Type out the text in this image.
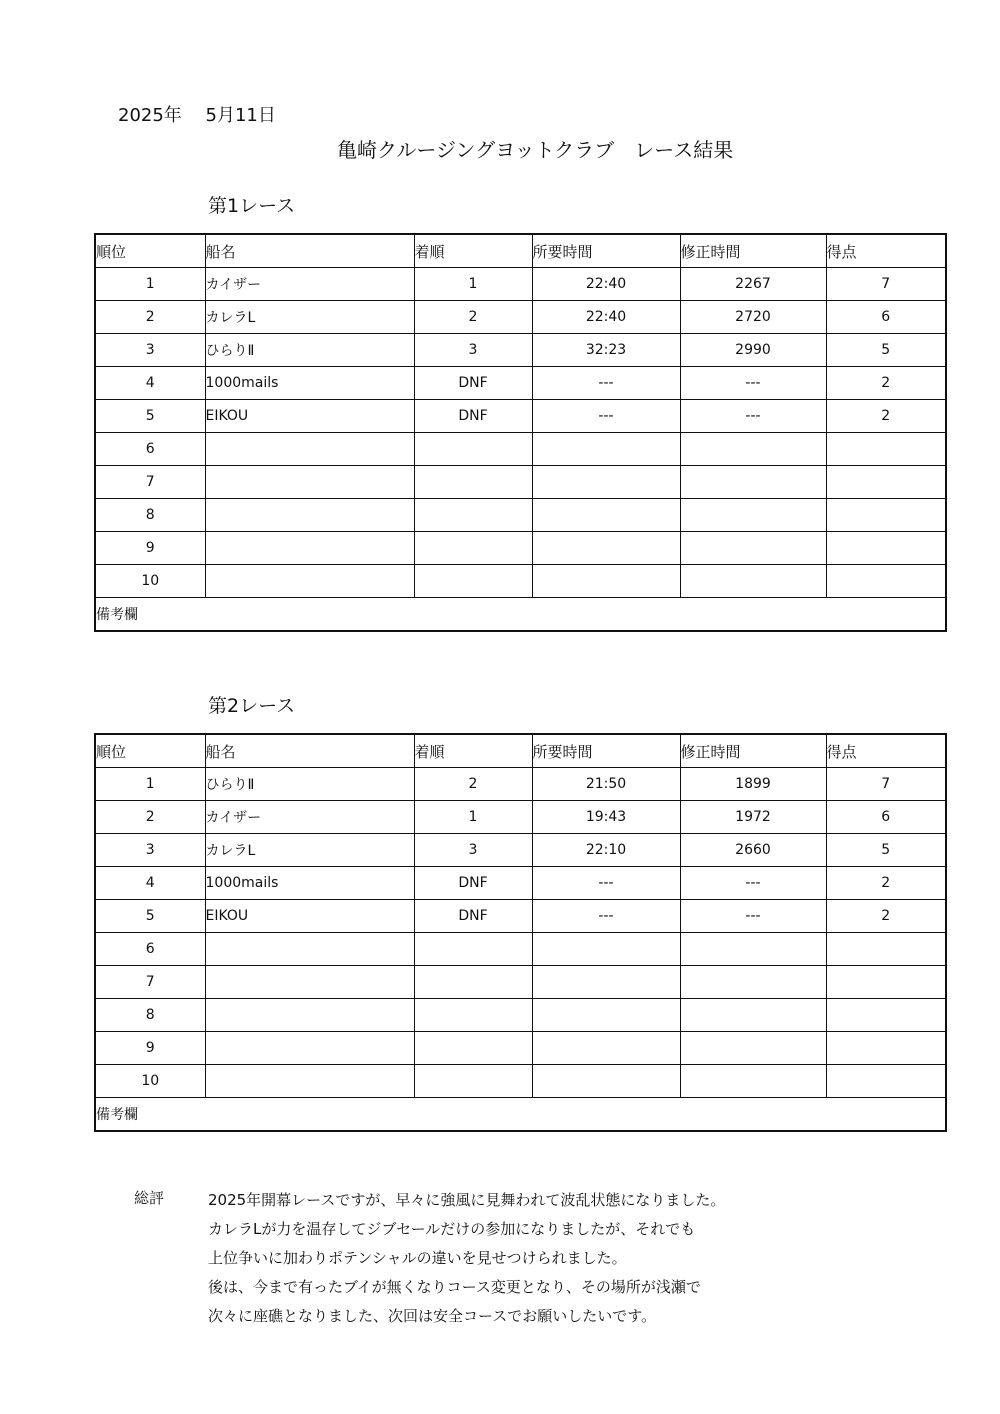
2025年　 5月11日
亀崎クルージングヨットクラブ　レース結果
第1レース
順位	船名	着順	所要時間	修正時間	得点
1	カイザー	1	22:40	2267	7
2	カレラL	2	22:40	2720	6
3	ひらりⅡ	3	32:23	2990	5
4	1000mails	DNF	---	---	2
5	EIKOU	DNF	---	---	2
6					
7					
8					
9					
10					
備考欄					
第2レース
順位	船名	着順	所要時間	修正時間	得点
1	ひらりⅡ	2	21:50	1899	7
2	カイザー	1	19:43	1972	6
3	カレラL	3	22:10	2660	5
4	1000mails	DNF	---	---	2
5	EIKOU	DNF	---	---	2
6					
7					
8					
9					
10					
備考欄					
総評	2025年開幕レースですが、早々に強風に見舞われて波乱状態になりました。
カレラLが力を温存してジブセールだけの参加になりましたが、それでも
上位争いに加わりポテンシャルの違いを見せつけられました。
後は、今まで有ったブイが無くなりコース変更となり、その場所が浅瀬で
次々に座礁となりました、次回は安全コースでお願いしたいです。
